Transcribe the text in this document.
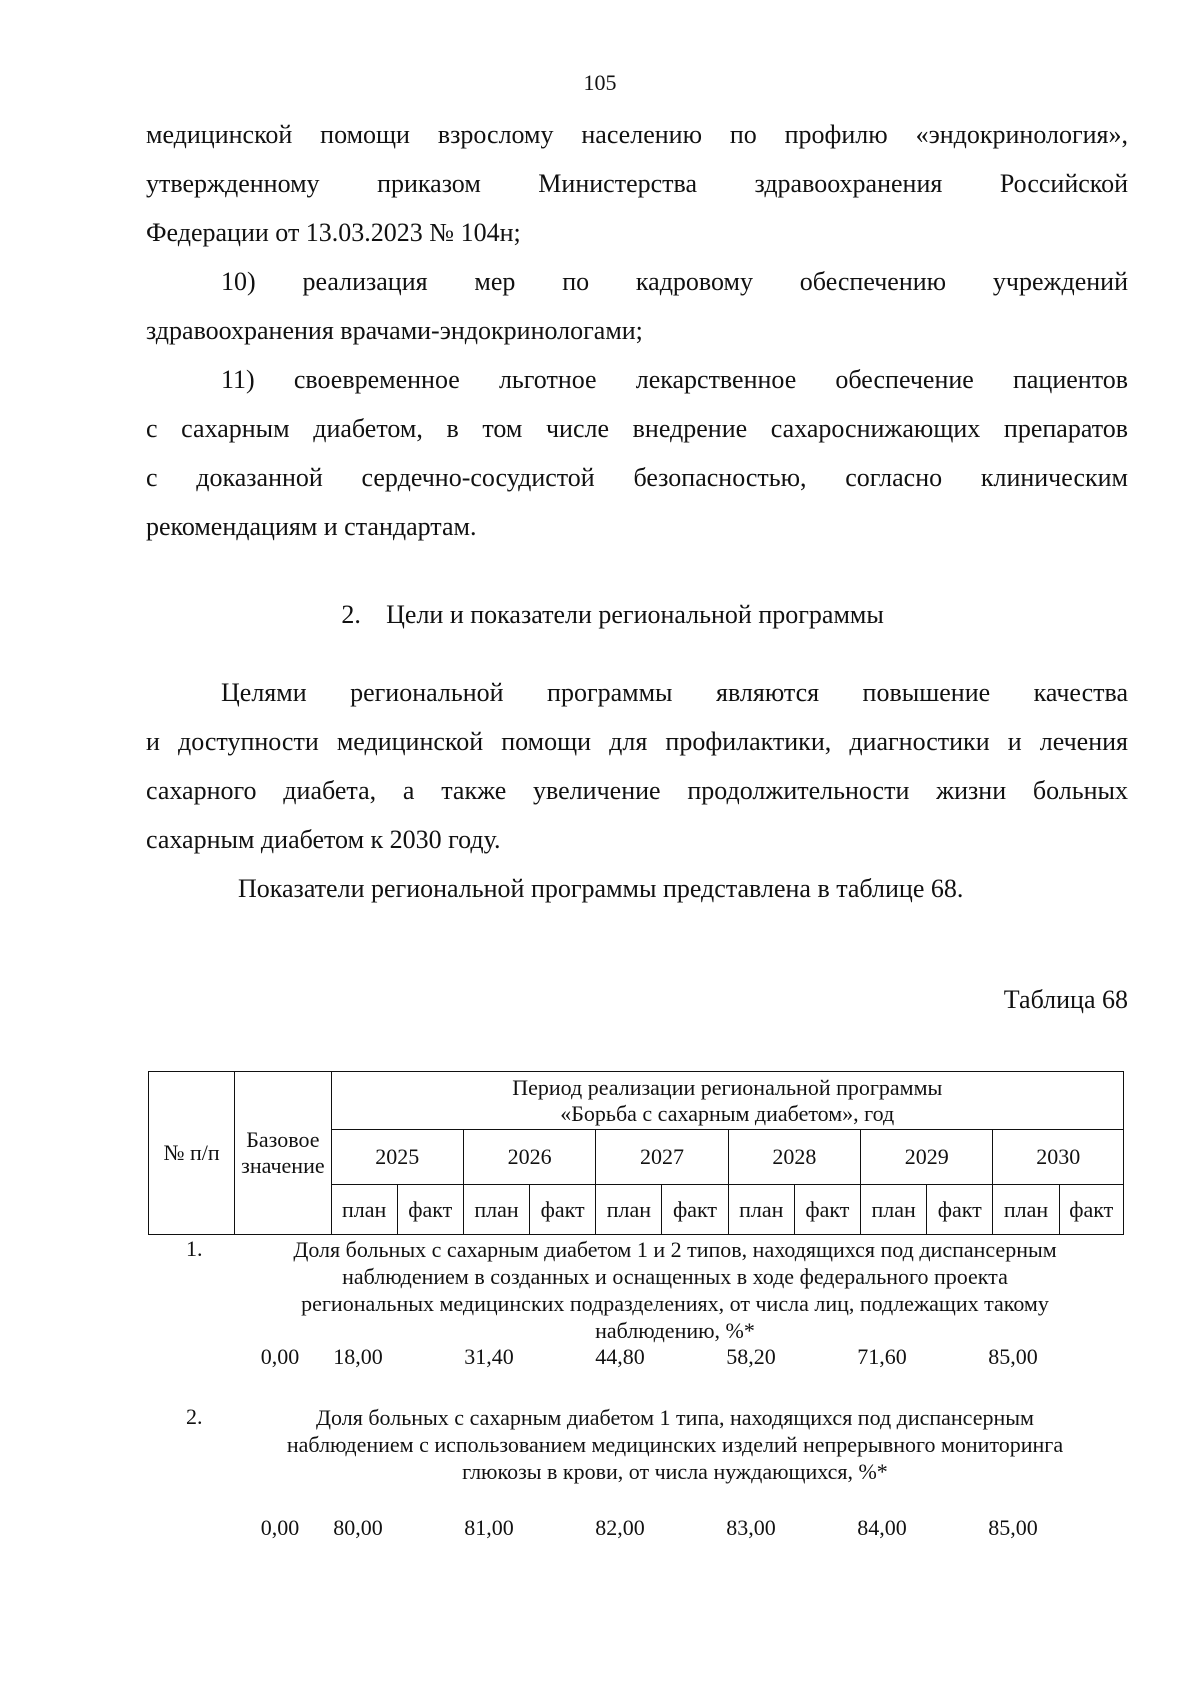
105
медицинской помощи взрослому населению по профилю «эндокринология»,
утвержденному приказом Министерства здравоохранения Российской
Федерации от 13.03.2023 № 104н;
10) реализация мер по кадровому обеспечению учреждений
здравоохранения врачами-эндокринологами;
11) своевременное льготное лекарственное обеспечение пациентов
с сахарным диабетом, в том числе внедрение сахароснижающих препаратов
с доказанной сердечно-сосудистой безопасностью, согласно клиническим
рекомендациям и стандартам.
2. Цели и показатели региональной программы
Целями региональной программы являются повышение качества
и доступности медицинской помощи для профилактики, диагностики и лечения
сахарного диабета, а также увеличение продолжительности жизни больных
сахарным диабетом к 2030 году.
Показатели региональной программы представлена в таблице 68.
Таблица 68
№ п/п	Базовое значение	Период реализации региональной программы
«Борьба с сахарным диабетом», год											

		2025		2026		2027		2028		2029		2030	
		план	факт	план	факт	план	факт	план	факт	план	факт	план	факт
1.	Доля больных с сахарным диабетом 1 и 2 типов, находящихся под диспансерным
наблюдением в созданных и оснащенных в ходе федерального проекта
региональных медицинских подразделениях, от числа лиц, подлежащих такому
наблюдению, %*
0,00	18,00	31,40	44,80	58,20	71,60	85,00
2.	Доля больных с сахарным диабетом 1 типа, находящихся под диспансерным
наблюдением с использованием медицинских изделий непрерывного мониторинга
глюкозы в крови, от числа нуждающихся, %*
0,00	80,00	81,00	82,00	83,00	84,00	85,00
